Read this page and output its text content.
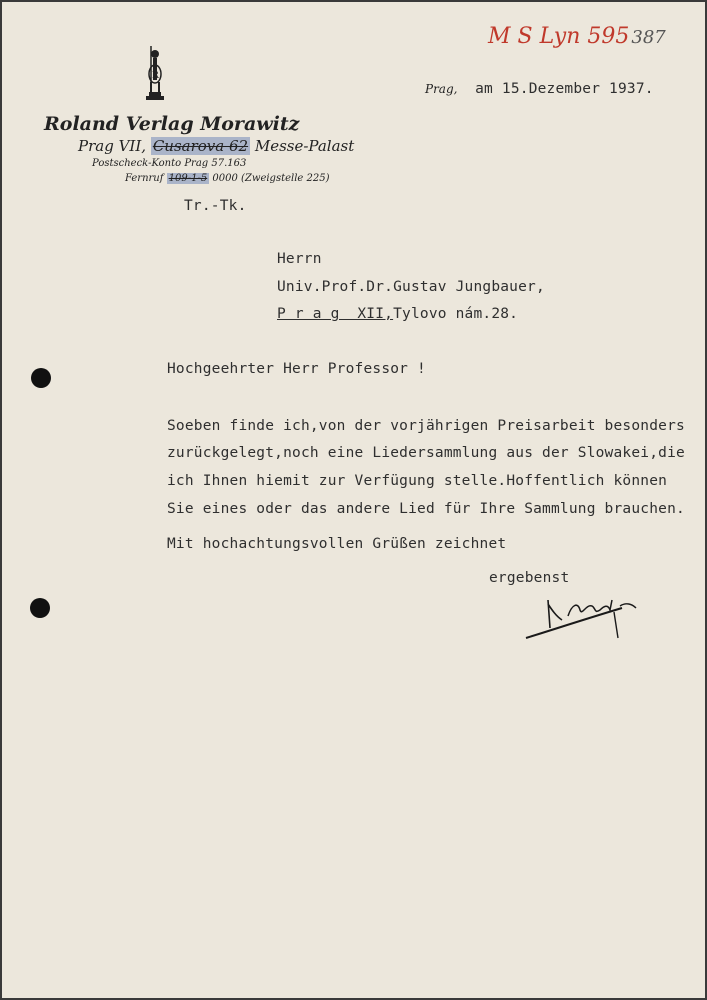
M S Lyn 595 387
R
Roland Verlag Morawitz
Prag VII, Cusarova 62 Messe-Palast
Postscheck-Konto Prag 57.163
Fernruf 109-1-5 0000 (Zweigstelle 225)
Tr.-Tk.
Prag, am 15.Dezember 1937.
Herrn
Univ.Prof.Dr.Gustav Jungbauer,
P r a g  XII,Tylovo nám.28.
Hochgeehrter Herr Professor !
Soeben finde ich,von der vorjährigen Preisarbeit besonders
zurückgelegt,noch eine Liedersammlung aus der Slowakei,die
ich Ihnen hiemit zur Verfügung stelle.Hoffentlich können
Sie eines oder das andere Lied für Ihre Sammlung brauchen.
Mit hochachtungsvollen Grüßen zeichnet
ergebenst
